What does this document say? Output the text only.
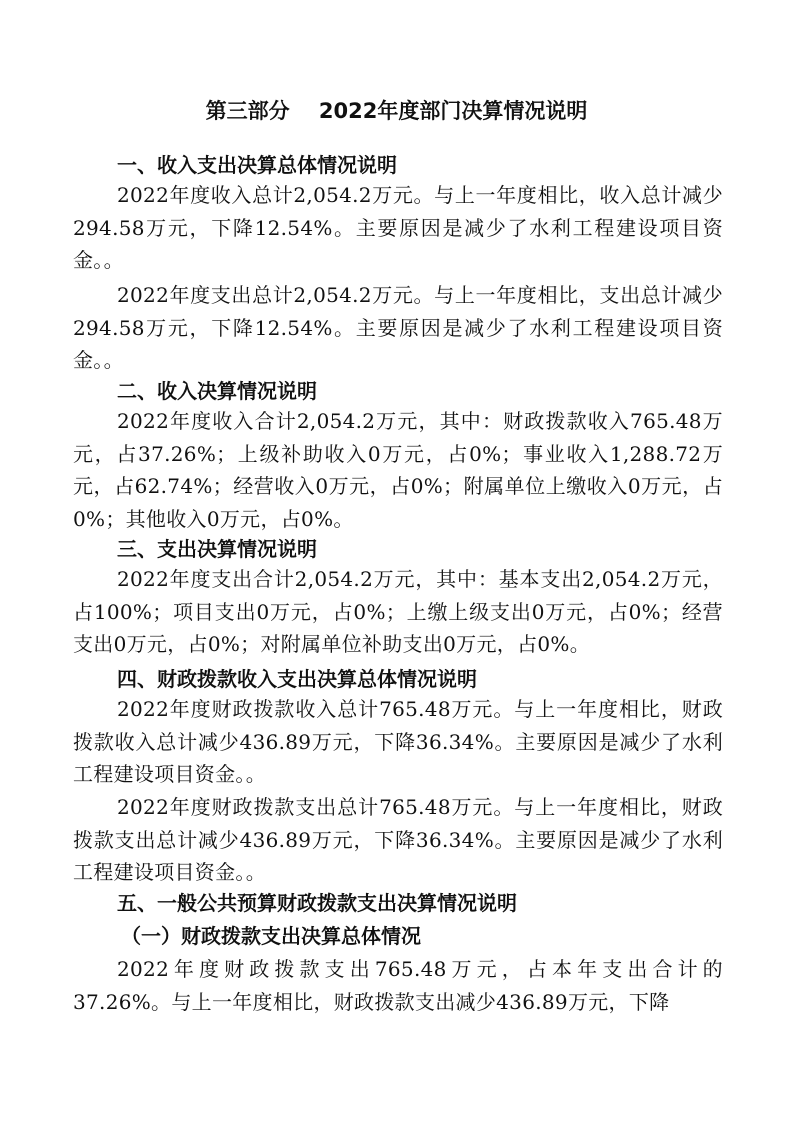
第三部分    2022年度部门决算情况说明
一、收入支出决算总体情况说明

2022年度收入总计2,054.2万元。与上一年度相比，收入总计减少294.58万元，下降12.54%。主要原因是减少了水利工程建设项目资金。。

2022年度支出总计2,054.2万元。与上一年度相比，支出总计减少294.58万元，下降12.54%。主要原因是减少了水利工程建设项目资金。。

二、收入决算情况说明

2022年度收入合计2,054.2万元，其中：财政拨款收入765.48万元，占37.26%；上级补助收入0万元，占0%；事业收入1,288.72万元，占62.74%；经营收入0万元，占0%；附属单位上缴收入0万元，占0%；其他收入0万元，占0%。

三、支出决算情况说明

2022年度支出合计2,054.2万元，其中：基本支出2,054.2万元，占100%；项目支出0万元，占0%；上缴上级支出0万元，占0%；经营支出0万元，占0%；对附属单位补助支出0万元，占0%。

四、财政拨款收入支出决算总体情况说明

2022年度财政拨款收入总计765.48万元。与上一年度相比，财政拨款收入总计减少436.89万元，下降36.34%。主要原因是减少了水利工程建设项目资金。。

2022年度财政拨款支出总计765.48万元。与上一年度相比，财政拨款支出总计减少436.89万元，下降36.34%。主要原因是减少了水利工程建设项目资金。。

五、一般公共预算财政拨款支出决算情况说明
（一）财政拨款支出决算总体情况

2022年度财政拨款支出765.48万元，占本年支出合计的37.26%。与上一年度相比，财政拨款支出减少436.89万元，下降
